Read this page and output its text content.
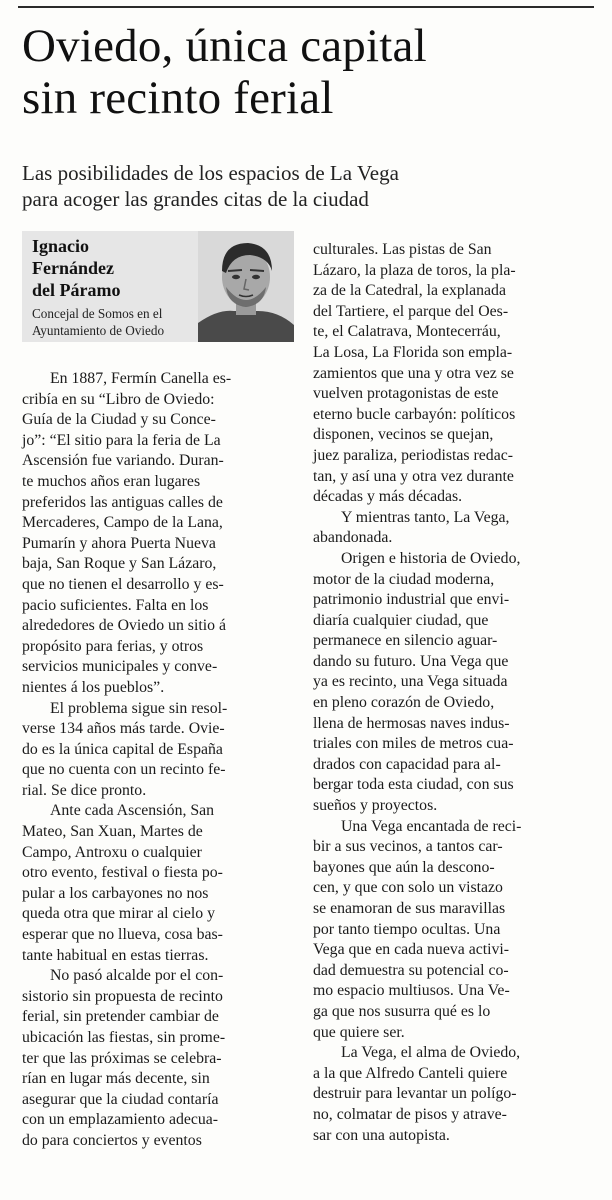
Oviedo, única capital
sin recinto ferial
Las posibilidades de los espacios de La Vega
para acoger las grandes citas de la ciudad
Ignacio
Fernández
del Páramo
Concejal de Somos en el
Ayuntamiento de Oviedo
En 1887, Fermín Canella es-
cribía en su “Libro de Oviedo:
Guía de la Ciudad y su Conce-
jo”: “El sitio para la feria de La
Ascensión fue variando. Duran-
te muchos años eran lugares
preferidos las antiguas calles de
Mercaderes, Campo de la Lana,
Pumarín y ahora Puerta Nueva
baja, San Roque y San Lázaro,
que no tienen el desarrollo y es-
pacio suficientes. Falta en los
alrededores de Oviedo un sitio á
propósito para ferias, y otros
servicios municipales y conve-
nientes á los pueblos”.
El problema sigue sin resol-
verse 134 años más tarde. Ovie-
do es la única capital de España
que no cuenta con un recinto fe-
rial. Se dice pronto.
Ante cada Ascensión, San
Mateo, San Xuan, Martes de
Campo, Antroxu o cualquier
otro evento, festival o fiesta po-
pular a los carbayones no nos
queda otra que mirar al cielo y
esperar que no llueva, cosa bas-
tante habitual en estas tierras.
No pasó alcalde por el con-
sistorio sin propuesta de recinto
ferial, sin pretender cambiar de
ubicación las fiestas, sin prome-
ter que las próximas se celebra-
rían en lugar más decente, sin
asegurar que la ciudad contaría
con un emplazamiento adecua-
do para conciertos y eventos
culturales. Las pistas de San
Lázaro, la plaza de toros, la pla-
za de la Catedral, la explanada
del Tartiere, el parque del Oes-
te, el Calatrava, Montecerráu,
La Losa, La Florida son empla-
zamientos que una y otra vez se
vuelven protagonistas de este
eterno bucle carbayón: políticos
disponen, vecinos se quejan,
juez paraliza, periodistas redac-
tan, y así una y otra vez durante
décadas y más décadas.
Y mientras tanto, La Vega,
abandonada.
Origen e historia de Oviedo,
motor de la ciudad moderna,
patrimonio industrial que envi-
diaría cualquier ciudad, que
permanece en silencio aguar-
dando su futuro. Una Vega que
ya es recinto, una Vega situada
en pleno corazón de Oviedo,
llena de hermosas naves indus-
triales con miles de metros cua-
drados con capacidad para al-
bergar toda esta ciudad, con sus
sueños y proyectos.
Una Vega encantada de reci-
bir a sus vecinos, a tantos car-
bayones que aún la descono-
cen, y que con solo un vistazo
se enamoran de sus maravillas
por tanto tiempo ocultas. Una
Vega que en cada nueva activi-
dad demuestra su potencial co-
mo espacio multiusos. Una Ve-
ga que nos susurra qué es lo
que quiere ser.
La Vega, el alma de Oviedo,
a la que Alfredo Canteli quiere
destruir para levantar un polígo-
no, colmatar de pisos y atrave-
sar con una autopista.
